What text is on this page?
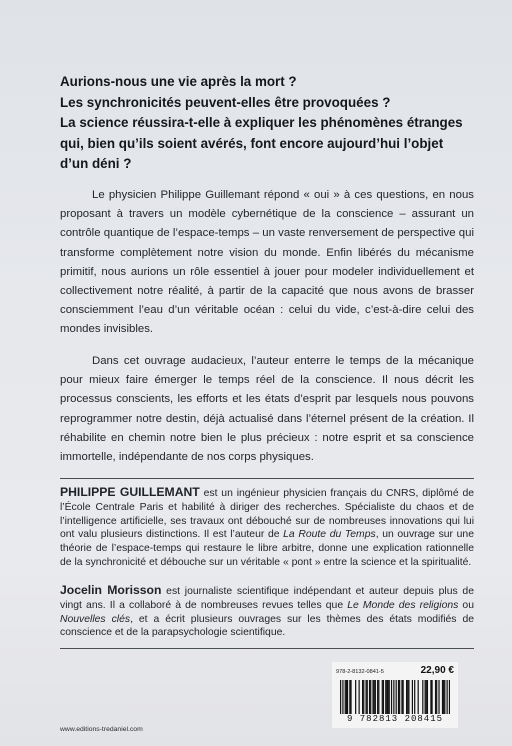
Aurions-nous une vie après la mort ?
Les synchronicités peuvent-elles être provoquées ?
La science réussira-t-elle à expliquer les phénomènes étranges
qui, bien qu’ils soient avérés, font encore aujourd’hui l’objet
d’un déni ?

Le physicien Philippe Guillemant répond « oui » à ces questions, en nous proposant à travers un modèle cybernétique de la conscience – assurant un contrôle quantique de l’espace-temps – un vaste renversement de perspective qui transforme complètement notre vision du monde. Enfin libérés du mécanisme primitif, nous aurions un rôle essentiel à jouer pour modeler individuellement et collectivement notre réalité, à partir de la capacité que nous avons de brasser consciemment l’eau d’un véritable océan : celui du vide, c’est-à-dire celui des mondes invisibles.

Dans cet ouvrage audacieux, l’auteur enterre le temps de la mécanique pour mieux faire émerger le temps réel de la conscience. Il nous décrit les processus conscients, les efforts et les états d’esprit par lesquels nous pouvons reprogrammer notre destin, déjà actualisé dans l’éternel présent de la création. Il réhabilite en chemin notre bien le plus précieux : notre esprit et sa conscience immortelle, indépendante de nos corps physiques.

PHILIPPE GUILLEMANT est un ingénieur physicien français du CNRS, diplômé de l’École Centrale Paris et habilité à diriger des recherches. Spécialiste du chaos et de l’intelligence artificielle, ses travaux ont débouché sur de nombreuses innovations qui lui ont valu plusieurs distinctions. Il est l’auteur de La Route du Temps, un ouvrage sur une théorie de l’espace-temps qui restaure le libre arbitre, donne une explication rationnelle de la synchronicité et débouche sur un véritable « pont » entre la science et la spiritualité.
Jocelin Morisson est journaliste scientifique indépendant et auteur depuis plus de vingt ans. Il a collaboré à de nombreuses revues telles que Le Monde des religions ou Nouvelles clés, et a écrit plusieurs ouvrages sur les thèmes des états modifiés de conscience et de la parapsychologie scientifique.
978-2-8132-0841-5	22,90 €
9 782813 208415
www.editions-tredaniel.com
